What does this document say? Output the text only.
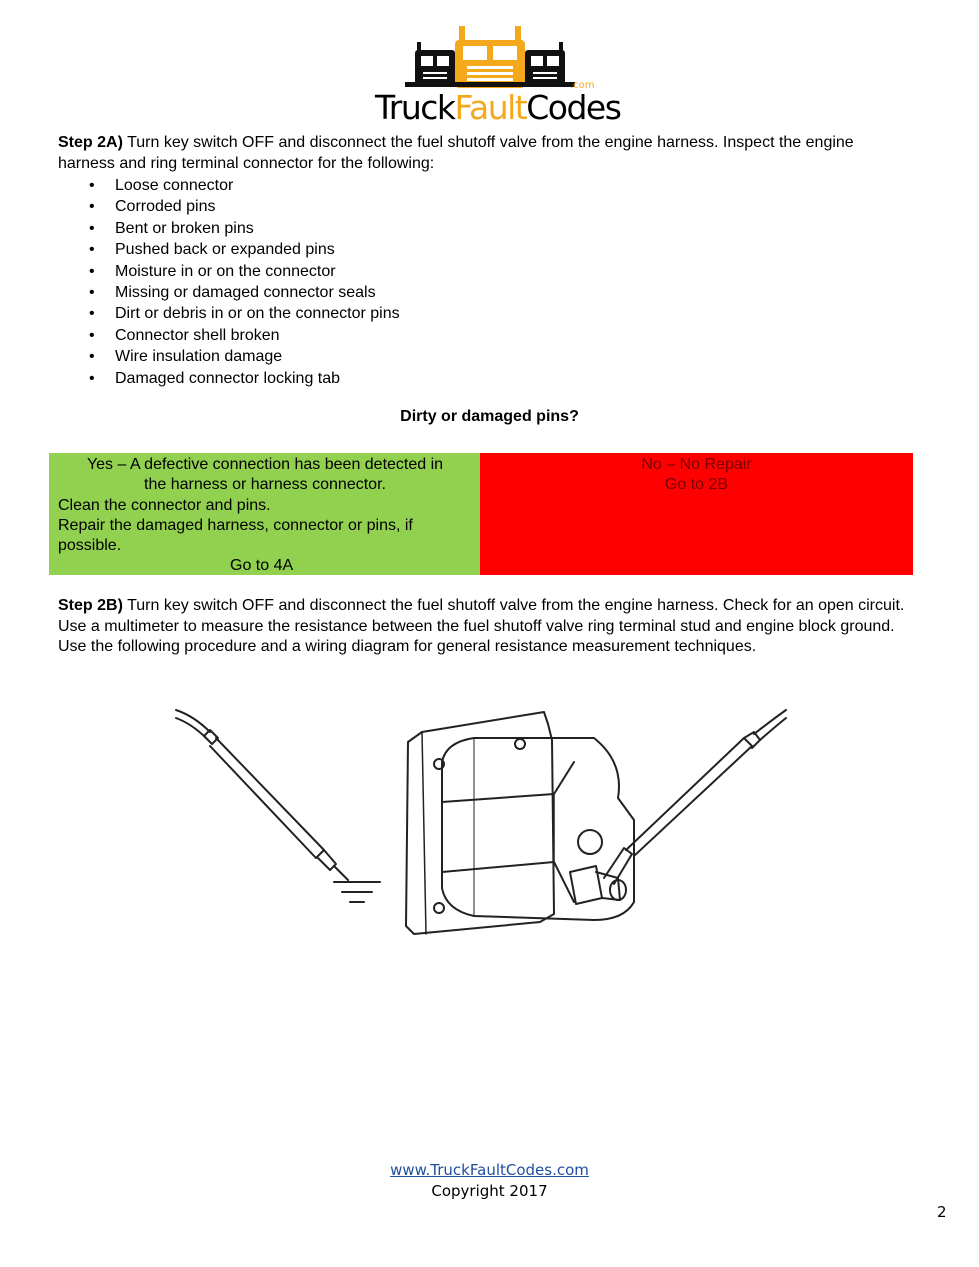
.com
TruckFaultCodes
Step 2A) Turn key switch OFF and disconnect the fuel shutoff valve from the engine harness. Inspect the engine harness and ring terminal connector for the following:
• Loose connector
• Corroded pins
• Bent or broken pins
• Pushed back or expanded pins
• Moisture in or on the connector
• Missing or damaged connector seals
• Dirt or debris in or on the connector pins
• Connector shell broken
• Wire insulation damage
• Damaged connector locking tab
Dirty or damaged pins?
Yes – A defective connection has been detected in
the harness or harness connector.
Clean the connector and pins.
Repair the damaged harness, connector or pins, if possible.
Go to 4A
No – No Repair
Go to 2B
Step 2B) Turn key switch OFF and disconnect the fuel shutoff valve from the engine harness. Check for an open circuit. Use a multimeter to measure the resistance between the fuel shutoff valve ring terminal stud and engine block ground. Use the following procedure and a wiring diagram for general resistance measurement techniques.
www.TruckFaultCodes.com
Copyright 2017
2
